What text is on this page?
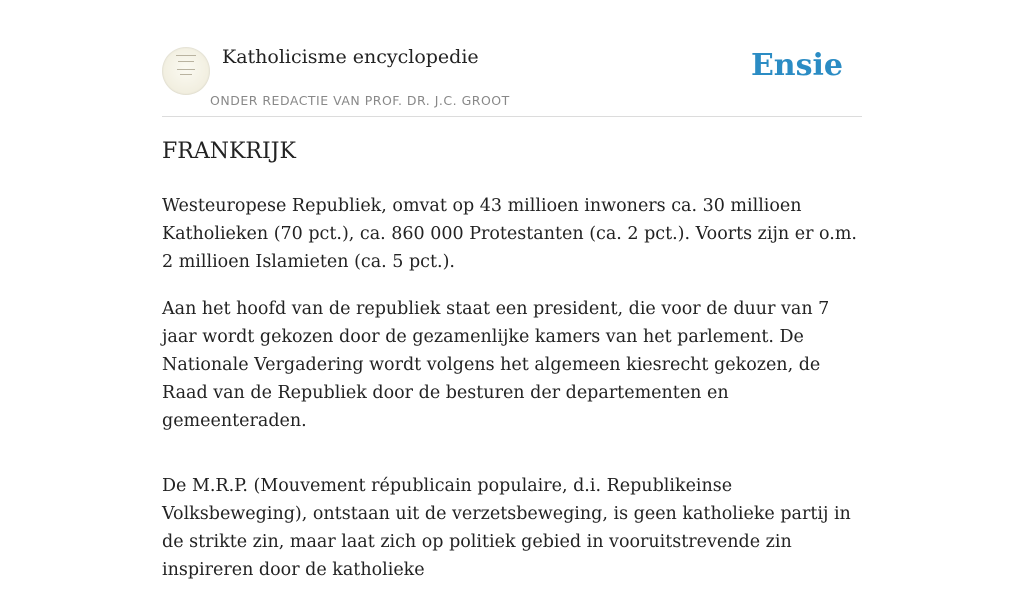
Katholicisme encyclopedie
ONDER REDACTIE VAN PROF. DR. J.C. GROOT
Ensie
FRANKRIJK

Westeuropese Republiek, omvat op 43 millioen inwoners ca. 30 millioen Katholieken (70 pct.), ca. 860 000 Protestanten (ca. 2 pct.). Voorts zijn er o.m. 2 millioen Islamieten (ca. 5 pct.).

Aan het hoofd van de republiek staat een president, die voor de duur van 7 jaar wordt gekozen door de gezamenlijke kamers van het parlement. De Nationale Vergadering wordt volgens het algemeen kiesrecht gekozen, de Raad van de Republiek door de besturen der departementen en gemeenteraden.

De M.R.P. (Mouvement républicain populaire, d.i. Republikeinse Volksbeweging), ontstaan uit de verzetsbeweging, is geen katholieke partij in de strikte zin, maar laat zich op politiek gebied in vooruitstrevende zin inspireren door de katholieke
